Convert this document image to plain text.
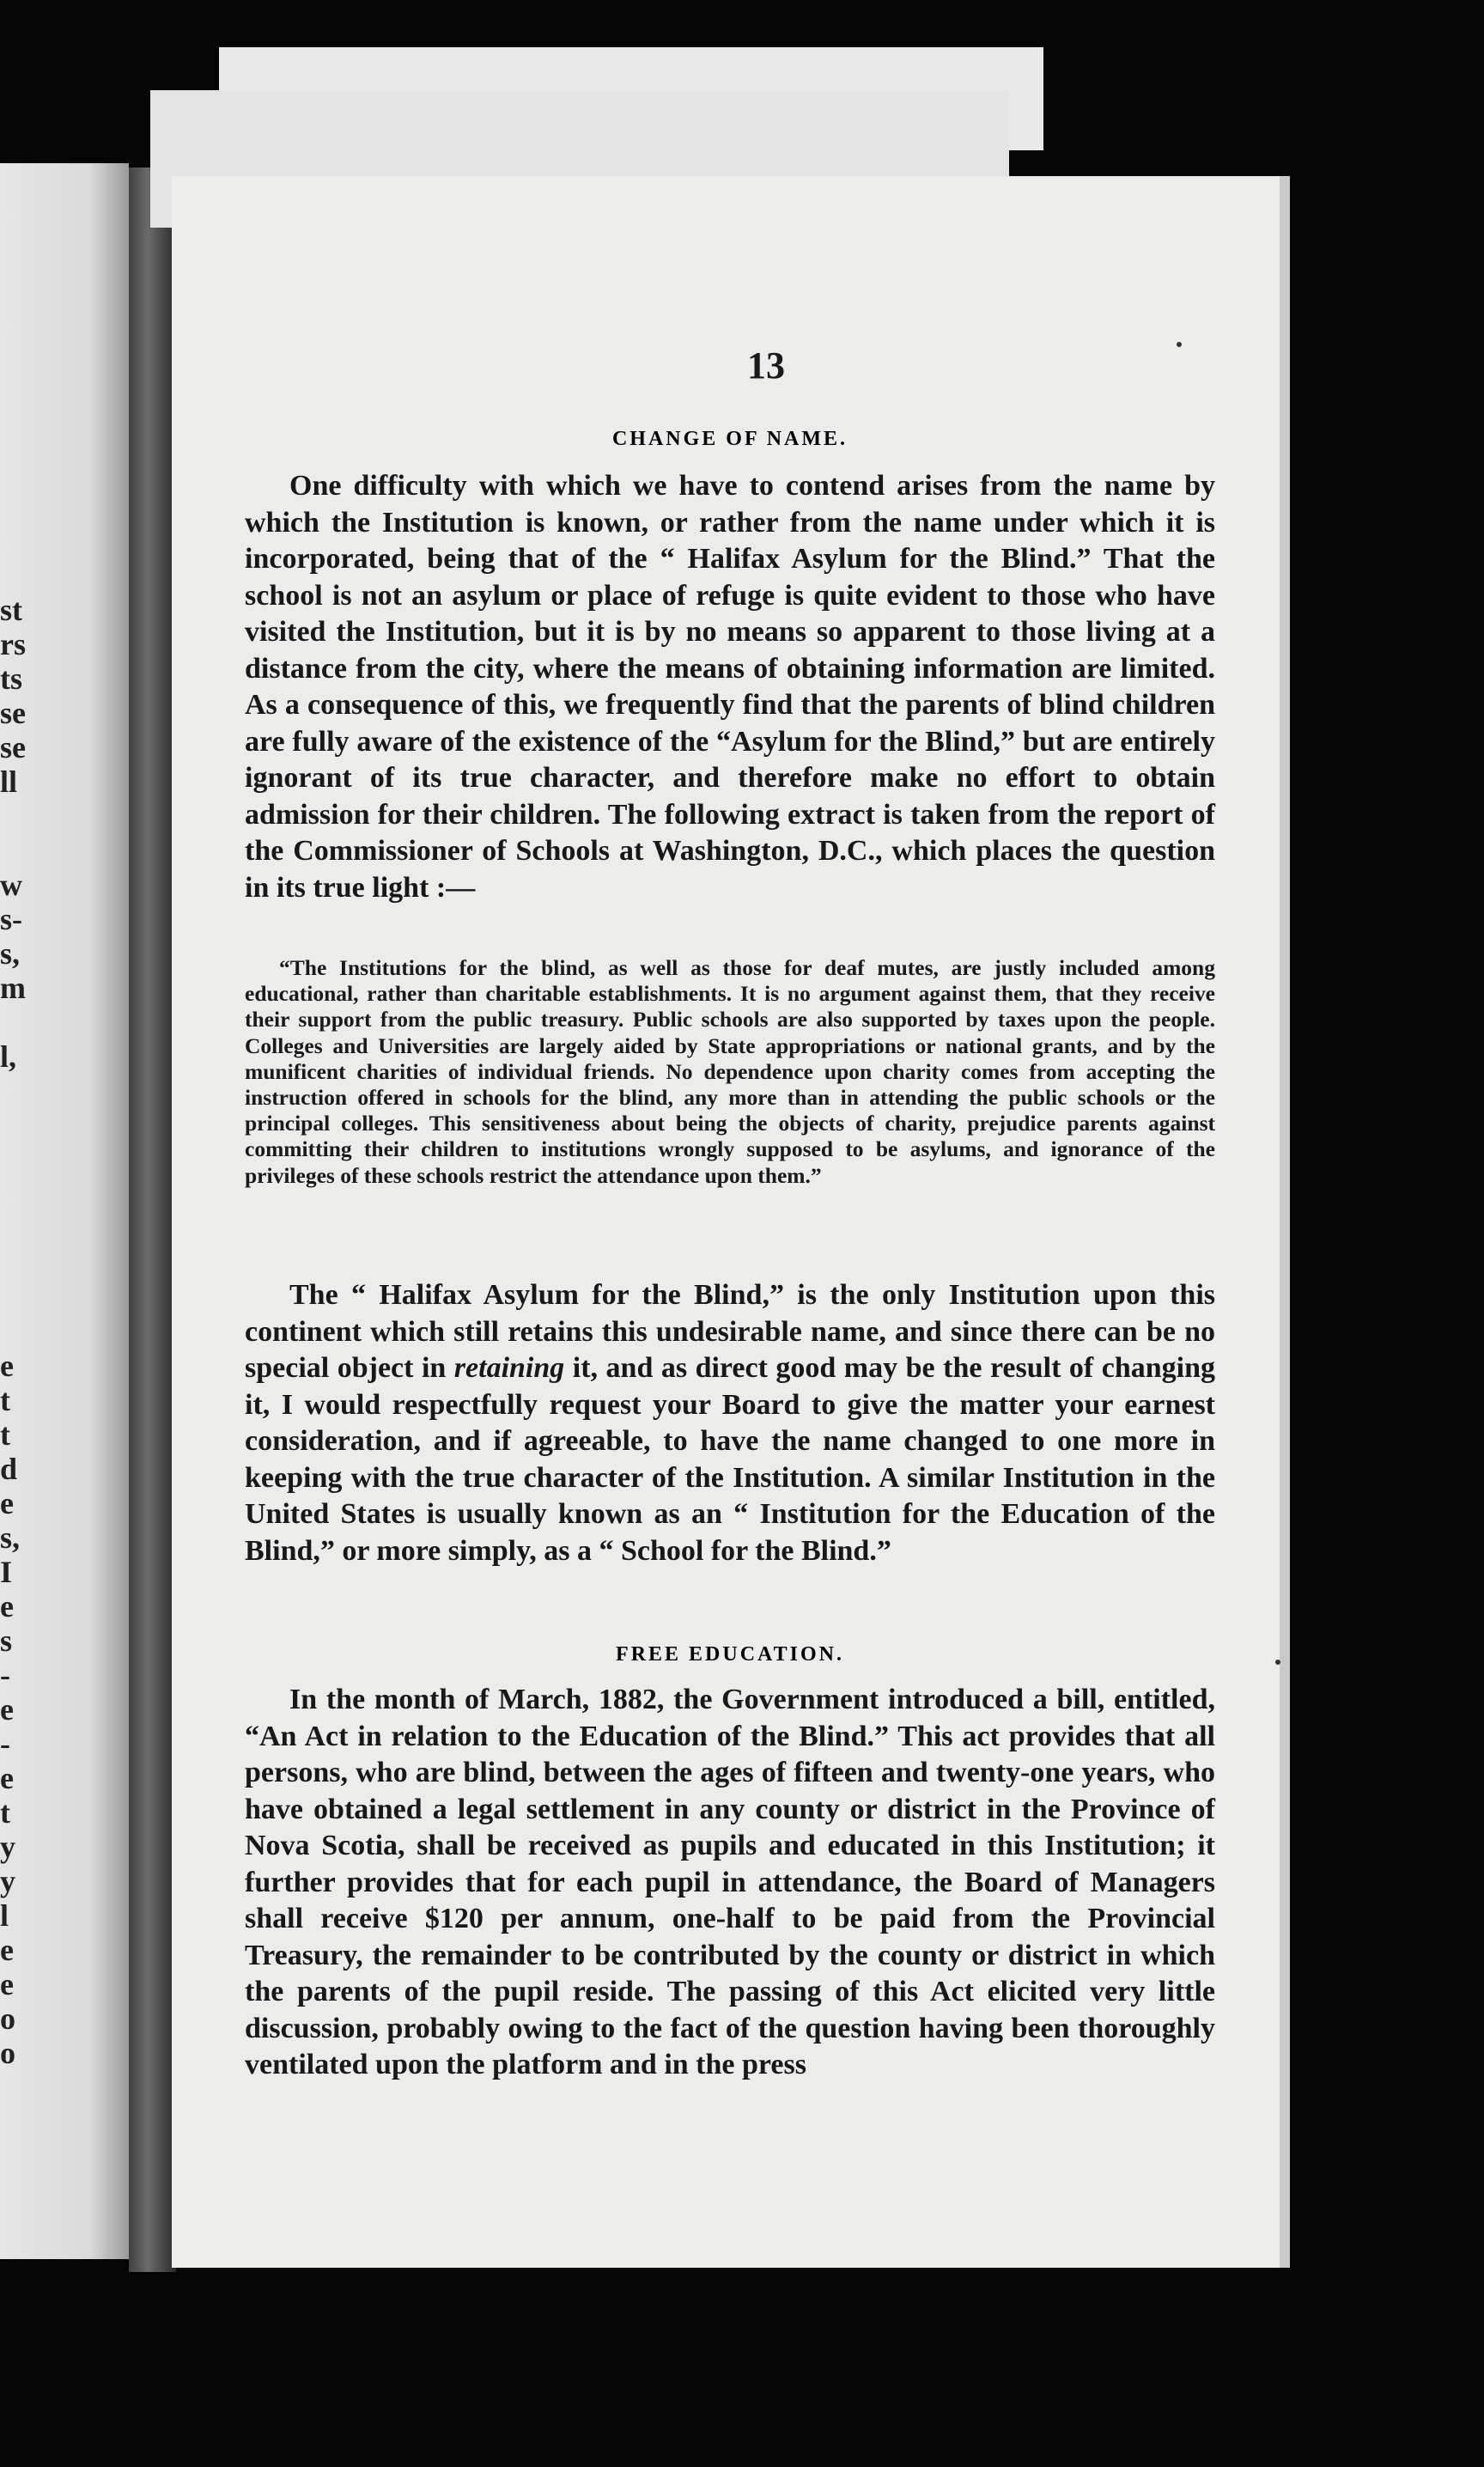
st
rs
ts
se
se
ll
w
s-
s,
m
l,
e
t
t
d
e
s,
I
e
s
-
e
-
e
t
y
y
l
e
e
o
o
13
CHANGE OF NAME.

One difficulty with which we have to contend arises from the name by which the Institution is known, or rather from the name under which it is incorporated, being that of the “ Halifax Asylum for the Blind.” That the school is not an asylum or place of refuge is quite evident to those who have visited the Institution, but it is by no means so apparent to those living at a distance from the city, where the means of obtaining information are limited. As a consequence of this, we frequently find that the parents of blind children are fully aware of the existence of the “Asylum for the Blind,” but are entirely ignorant of its true character, and therefore make no effort to obtain admission for their children. The following extract is taken from the report of the Commissioner of Schools at Washington, D.C., which places the question in its true light :—

“The Institutions for the blind, as well as those for deaf mutes, are justly included among educational, rather than charitable establishments. It is no argument against them, that they receive their support from the public treasury. Public schools are also supported by taxes upon the people. Colleges and Universities are largely aided by State appropriations or national grants, and by the munificent charities of individual friends. No dependence upon charity comes from accepting the instruction offered in schools for the blind, any more than in attending the public schools or the principal colleges. This sensitiveness about being the objects of charity, prejudice parents against committing their children to institutions wrongly supposed to be asylums, and ignorance of the privileges of these schools restrict the attendance upon them.”

The “ Halifax Asylum for the Blind,” is the only Institution upon this continent which still retains this undesirable name, and since there can be no special object in retaining it, and as direct good may be the result of changing it, I would respectfully request your Board to give the matter your earnest consideration, and if agreeable, to have the name changed to one more in keeping with the true character of the Institution. A similar Institution in the United States is usually known as an “ Institution for the Education of the Blind,” or more simply, as a “ School for the Blind.”

FREE EDUCATION.

In the month of March, 1882, the Government introduced a bill, entitled, “An Act in relation to the Education of the Blind.” This act provides that all persons, who are blind, between the ages of fifteen and twenty-one years, who have obtained a legal settlement in any county or district in the Province of Nova Scotia, shall be received as pupils and educated in this Institution; it further provides that for each pupil in attendance, the Board of Managers shall receive $120 per annum, one-half to be paid from the Provincial Treasury, the remainder to be contributed by the county or district in which the parents of the pupil reside. The passing of this Act elicited very little discussion, probably owing to the fact of the question having been thoroughly ventilated upon the platform and in the press
